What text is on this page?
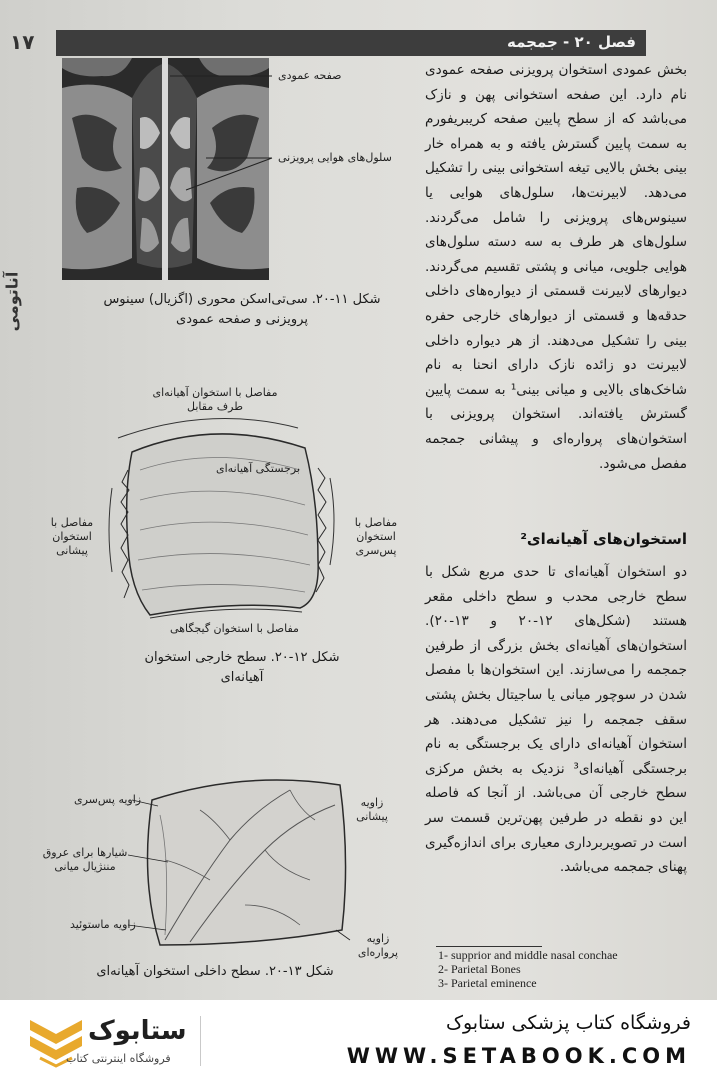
فصل ۲۰ - جمجمه
۱۷
آناتومی
صفحه عمودی
سلول‌های هوایی پرویزنی
شکل ۱۱-۲۰. سی‌تی‌اسکن محوری (اگزیال) سینوس پرویزنی و صفحه عمودی
مفاصل با استخوان آهیانه‌ای طرف مقابل
برجستگی آهیانه‌ای
مفاصل با استخوان پیشانی
مفاصل با استخوان پس‌سری
مفاصل با استخوان گیجگاهی
شکل ۱۲-۲۰. سطح خارجی استخوان آهیانه‌ای
زاویه پس‌سری	زاویه پیشانی
شیارها برای عروق مننژیال میانی
زاویه ماستوئید
زاویه پرواره‌ای
شکل ۱۳-۲۰. سطح داخلی استخوان آهیانه‌ای
بخش عمودی استخوان پرویزنی صفحه عمودی نام دارد. این صفحه استخوانی پهن و نازک می‌باشد که از سطح پایین صفحه کریبریفورم به سمت پایین گسترش یافته و به همراه خار بینی بخش بالایی تیغه استخوانی بینی را تشکیل می‌دهد. لابیرنت‌ها، سلول‌های هوایی یا سینوس‌های پرویزنی را شامل می‌گردند. سلول‌های هر طرف به سه دسته سلول‌های هوایی جلویی، میانی و پشتی تقسیم می‌گردند. دیوارهای لابیرنت قسمتی از دیواره‌های داخلی حدقه‌ها و قسمتی از دیوارهای خارجی حفره بینی را تشکیل می‌دهند. از هر دیواره داخلی لابیرنت دو زائده نازک دارای انحنا به نام شاخک‌های بالایی و میانی بینی¹ به سمت پایین گسترش یافته‌اند. استخوان پرویزنی با استخوان‌های پرواره‌ای و پیشانی جمجمه مفصل می‌شود.
استخوان‌های آهیانه‌ای²
دو استخوان آهیانه‌ای تا حدی مربع شکل با سطح خارجی محدب و سطح داخلی مقعر هستند (شکل‌های ۱۲-۲۰ و ۱۳-۲۰). استخوان‌های آهیانه‌ای بخش بزرگی از طرفین جمجمه را می‌سازند. این استخوان‌ها با مفصل شدن در سوچور میانی یا ساجیتال بخش پشتی سقف جمجمه را نیز تشکیل می‌دهند. هر استخوان آهیانه‌ای دارای یک برجستگی به نام برجستگی آهیانه‌ای³ نزدیک به بخش مرکزی سطح خارجی آن می‌باشد. از آنجا که فاصله این دو نقطه در طرفین پهن‌ترین قسمت سر است در تصویربرداری معیاری برای اندازه‌گیری پهنای جمجمه می‌باشد.
1- supprior and middle nasal conchae
2- Parietal Bones
3- Parietal eminence
ستابوک
فروشگاه اینترنتی کتاب
فروشگاه کتاب پزشکی ستابوک
WWW.SETABOOK.COM
